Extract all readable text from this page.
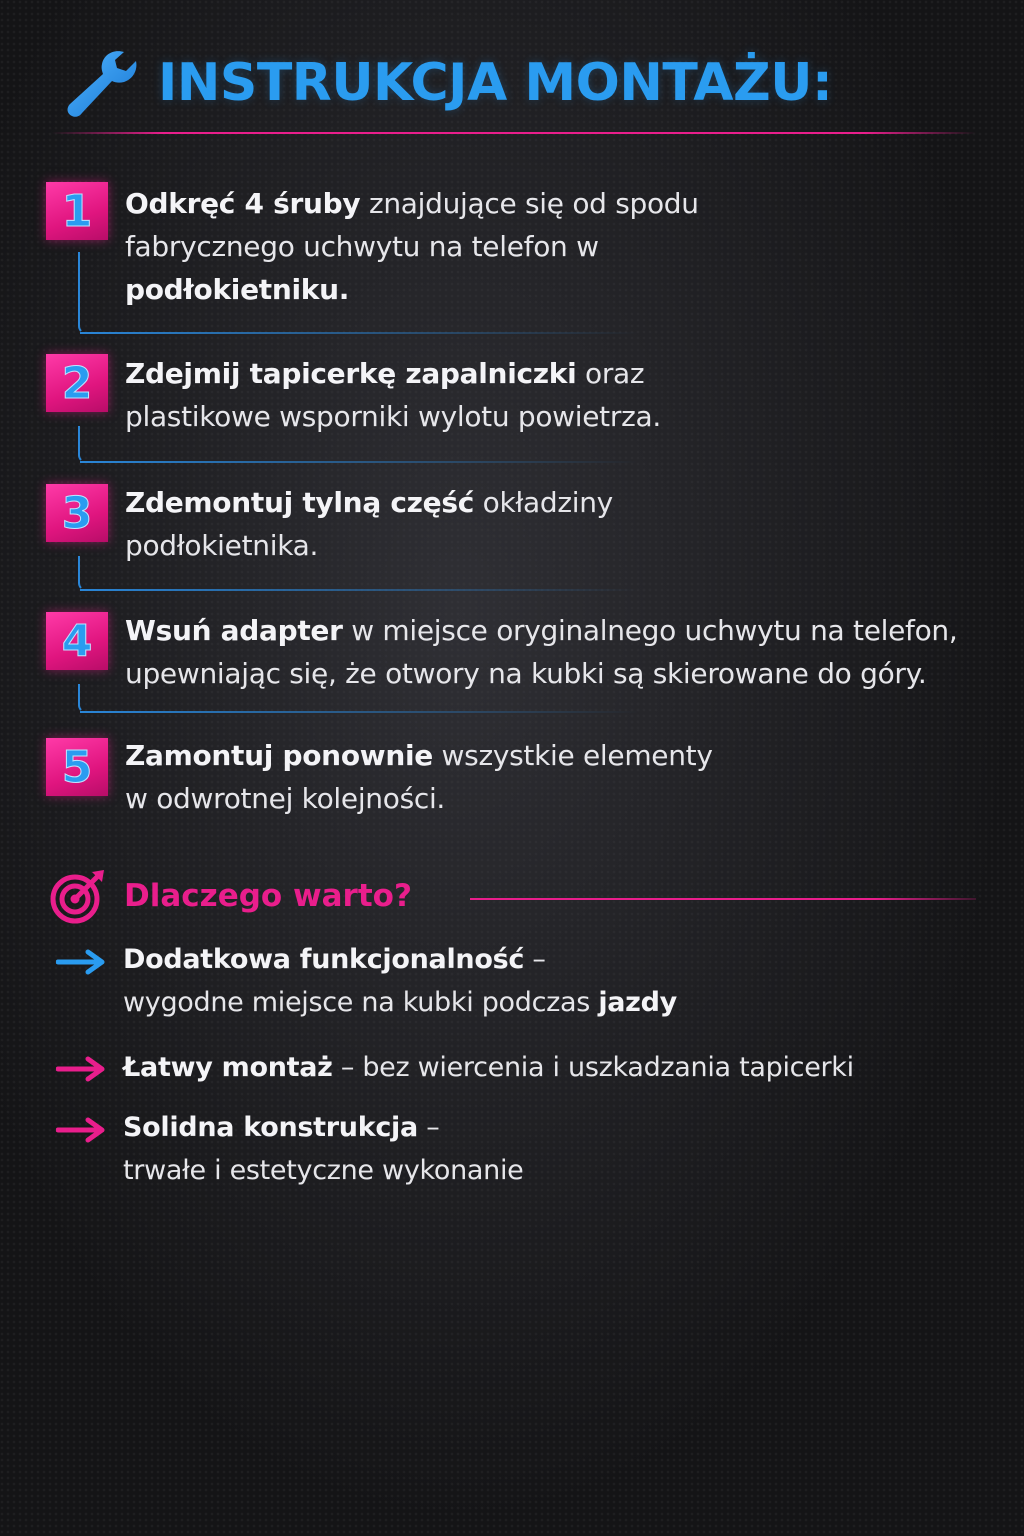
INSTRUKCJA MONTAŻU:
1 Odkręć 4 śruby znajdujące się od spodu
fabrycznego uchwytu na telefon w
podłokietniku.
2 Zdejmij tapicerkę zapalniczki oraz
plastikowe wsporniki wylotu powietrza.
3 Zdemontuj tylną część okładziny
podłokietnika.
4 Wsuń adapter w miejsce oryginalnego uchwytu na telefon,
upewniając się, że otwory na kubki są skierowane do góry.
5 Zamontuj ponownie wszystkie elementy
w odwrotnej kolejności.
Dlaczego warto?
Dodatkowa funkcjonalność –
wygodne miejsce na kubki podczas jazdy
Łatwy montaż – bez wiercenia i uszkadzania tapicerki
Solidna konstrukcja –
trwałe i estetyczne wykonanie
